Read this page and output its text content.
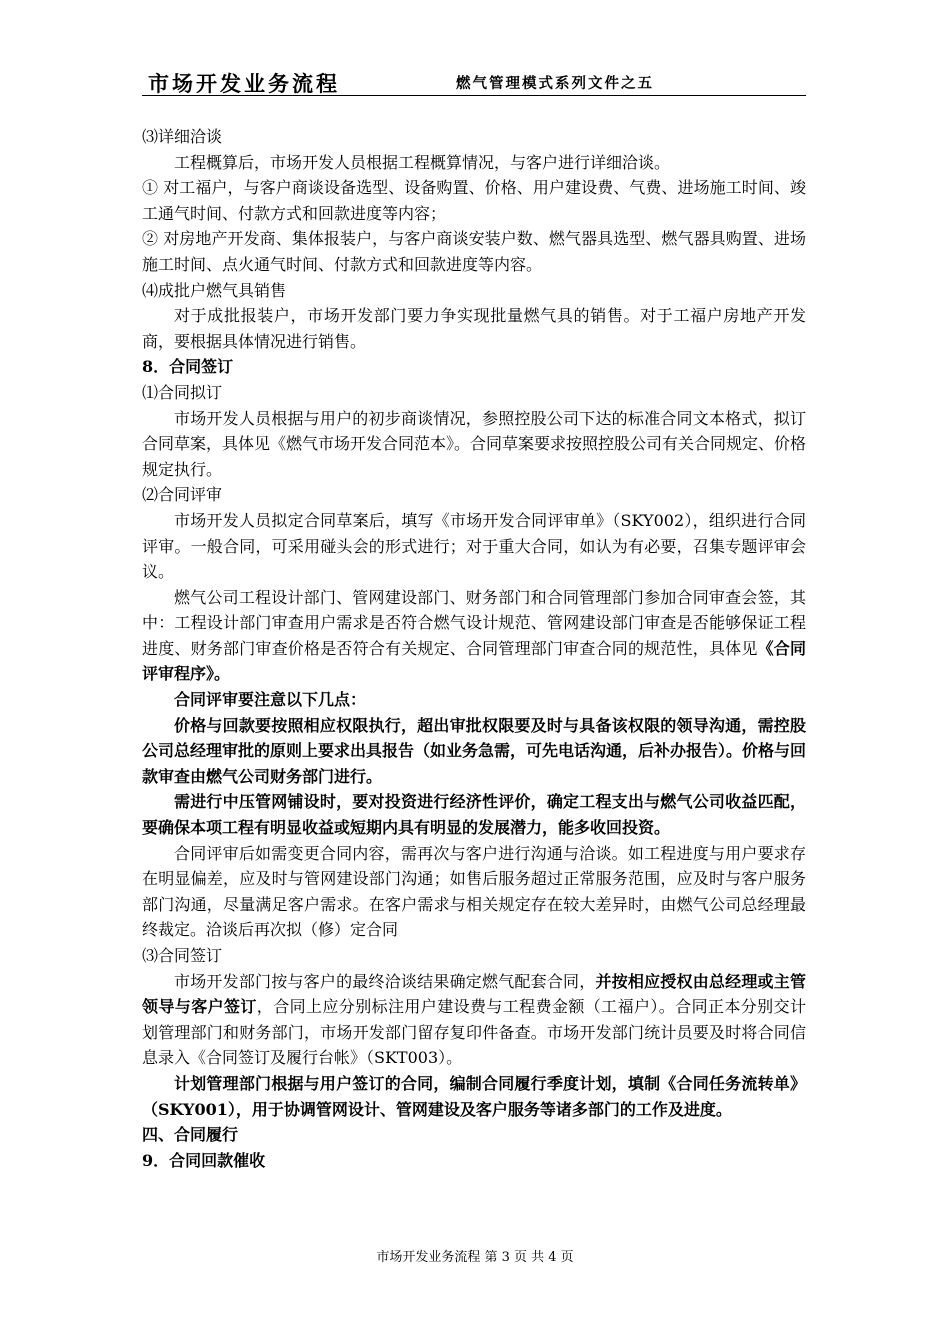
市场开发业务流程	燃气管理模式系列文件之五

⑶详细洽谈

工程概算后，市场开发人员根据工程概算情况，与客户进行详细洽谈。

① 对工福户，与客户商谈设备选型、设备购置、价格、用户建设费、气费、进场施工时间、竣工通气时间、付款方式和回款进度等内容；

② 对房地产开发商、集体报装户，与客户商谈安装户数、燃气器具选型、燃气器具购置、进场施工时间、点火通气时间、付款方式和回款进度等内容。

⑷成批户燃气具销售

对于成批报装户，市场开发部门要力争实现批量燃气具的销售。对于工福户房地产开发商，要根据具体情况进行销售。

8．合同签订

⑴合同拟订

市场开发人员根据与用户的初步商谈情况，参照控股公司下达的标准合同文本格式，拟订合同草案，具体见《燃气市场开发合同范本》。合同草案要求按照控股公司有关合同规定、价格规定执行。

⑵合同评审

市场开发人员拟定合同草案后，填写《市场开发合同评审单》（SKY002），组织进行合同评审。一般合同，可采用碰头会的形式进行；对于重大合同，如认为有必要，召集专题评审会议。

燃气公司工程设计部门、管网建设部门、财务部门和合同管理部门参加合同审查会签，其中：工程设计部门审查用户需求是否符合燃气设计规范、管网建设部门审查是否能够保证工程进度、财务部门审查价格是否符合有关规定、合同管理部门审查合同的规范性，具体见《合同评审程序》。

合同评审要注意以下几点：

价格与回款要按照相应权限执行，超出审批权限要及时与具备该权限的领导沟通，需控股公司总经理审批的原则上要求出具报告（如业务急需，可先电话沟通，后补办报告）。价格与回款审查由燃气公司财务部门进行。

需进行中压管网铺设时，要对投资进行经济性评价，确定工程支出与燃气公司收益匹配，要确保本项工程有明显收益或短期内具有明显的发展潜力，能多收回投资。

合同评审后如需变更合同内容，需再次与客户进行沟通与洽谈。如工程进度与用户要求存在明显偏差，应及时与管网建设部门沟通；如售后服务超过正常服务范围，应及时与客户服务部门沟通，尽量满足客户需求。在客户需求与相关规定存在较大差异时，由燃气公司总经理最终裁定。洽谈后再次拟（修）定合同

⑶合同签订

市场开发部门按与客户的最终洽谈结果确定燃气配套合同，并按相应授权由总经理或主管领导与客户签订，合同上应分别标注用户建设费与工程费金额（工福户）。合同正本分别交计划管理部门和财务部门，市场开发部门留存复印件备查。市场开发部门统计员要及时将合同信息录入《合同签订及履行台帐》（SKT003）。

计划管理部门根据与用户签订的合同，编制合同履行季度计划，填制《合同任务流转单》（SKY001），用于协调管网设计、管网建设及客户服务等诸多部门的工作及进度。

四、合同履行

9．合同回款催收

市场开发业务流程 第 3 页 共 4 页
